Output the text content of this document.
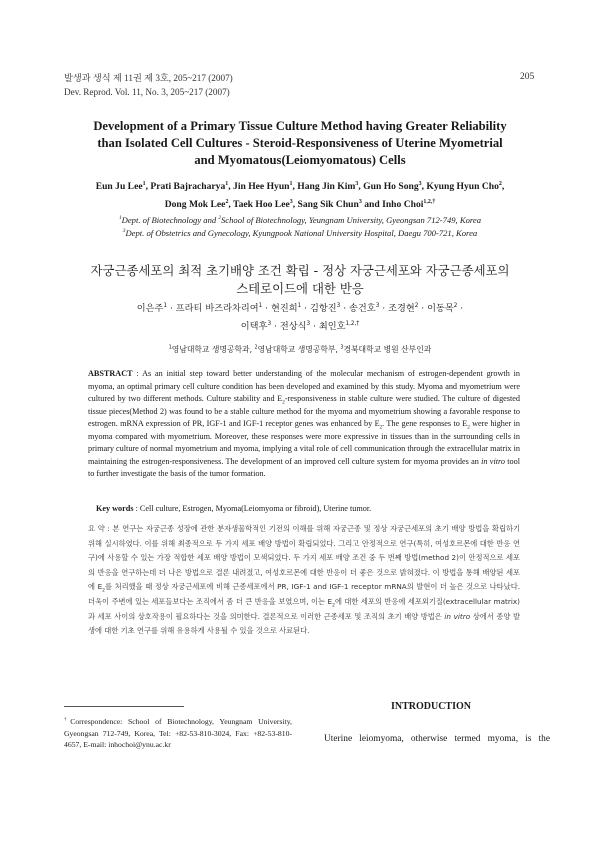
발생과 생식 제 11권 제 3호, 205~217 (2007)
Dev. Reprod. Vol. 11, No. 3, 205~217 (2007)
205
Development of a Primary Tissue Culture Method having Greater Reliability
than Isolated Cell Cultures - Steroid-Responsiveness of Uterine Myometrial
and Myomatous(Leiomyomatous) Cells
Eun Ju Lee$^1$, Prati Bajracharya$^1$, Jin Hee Hyun$^1$, Hang Jin Kim$^3$, Gun Ho Song$^3$, Kyung Hyun Cho$^2$,
Dong Mok Lee$^2$, Taek Hoo Lee$^3$, Sang Sik Chun$^3$ and Inho Choi$^{1,2,\dagger}$
$^1$Dept. of Biotechnology and $^2$School of Biotechnology, Yeungnam University, Gyeongsan 712-749, Korea
$^3$Dept. of Obstetrics and Gynecology, Kyungpook National University Hospital, Daegu 700-721, Korea
자궁근종세포의 최적 초기배양 조건 확립 - 정상 자궁근세포와 자궁근종세포의
스테로이드에 대한 반응
이은주$^1$ · 프라티 바즈라차리여$^1$ · 현진희$^1$ · 김항진$^3$ · 송건호$^3$ · 조경현$^2$ · 이동목$^2$ ·
이택후$^3$ · 전상식$^3$ · 최인호$^{1,2,\dagger}$
$^1$영남대학교 생명공학과, $^2$영남대학교 생명공학부, $^3$경북대학교 병원 산부인과
ABSTRACT : As an initial step toward better understanding of the molecular mechanism of estrogen-dependent growth in myoma, an optimal primary cell culture condition has been developed and examined by this study. Myoma and myometrium were cultured by two different methods. Culture stability and $E_2$-responsiveness in stable culture were studied. The culture of digested tissue pieces(Method 2) was found to be a stable culture method for the myoma and myometrium showing a favorable response to estrogen. mRNA expression of PR, IGF-1 and IGF-1 receptor genes was enhanced by $E_2$. The gene responses to $E_2$ were higher in myoma compared with myometrium. Moreover, these responses were more expressive in tissues than in the surrounding cells in primary culture of normal myometrium and myoma, implying a vital role of cell communication through the extracellular matrix in maintaining the estrogen-responsiveness. The development of an improved cell culture system for myoma provides an in vitro tool to further investigate the basis of the tumor formation.
Key words : Cell culture, Estrogen, Myoma(Leiomyoma or fibroid), Uterine tumor.
요 약 : 본 연구는 자궁근종 성장에 관한 분자생물학적인 기전의 이해를 위해 자궁근종 및 정상 자궁근세포의 초기 배양 방법을 확립하기 위해 실시하였다. 이를 위해 최종적으로 두 가지 세포 배양 방법이 확립되었다. 그리고 안정적으로 연구(특히, 여성호르몬에 대한 반응 연구)에 사용할 수 있는 가장 적합한 세포 배양 방법이 모색되었다. 두 가지 세포 배양 조건 중 두 번째 방법(method 2)이 안정적으로 세포의 반응을 연구하는데 더 나은 방법으로 결론 내려졌고, 여성호르몬에 대한 반응이 더 좋은 것으로 밝혀졌다. 이 방법을 통해 배양된 세포에 $E_2$를 처리했을 때 정상 자궁근세포에 비해 근종세포에서 PR, IGF-1 and IGF-1 receptor mRNA의 발현이 더 높은 것으로 나타났다. 더욱이 주변에 있는 세포들보다는 조직에서 좀 더 큰 반응을 보였으며, 이는 $E_2$에 대한 세포의 반응에 세포외기질(extracellular matrix)과 세포 사이의 상호작용이 필요하다는 것을 의미한다. 결론적으로 이러한 근종세포 및 조직의 초기 배양 방법은 in vitro 상에서 종양 발생에 대한 기초 연구를 위해 유용하게 사용될 수 있을 것으로 사료된다.
†Correspondence: School of Biotechnology, Yeungnam University, Gyeongsan 712-749, Korea, Tel: +82-53-810-3024, Fax: +82-53-810-4657, E-mail: inhochoi@ynu.ac.kr
INTRODUCTION
Uterine leiomyoma, otherwise termed myoma, is the
